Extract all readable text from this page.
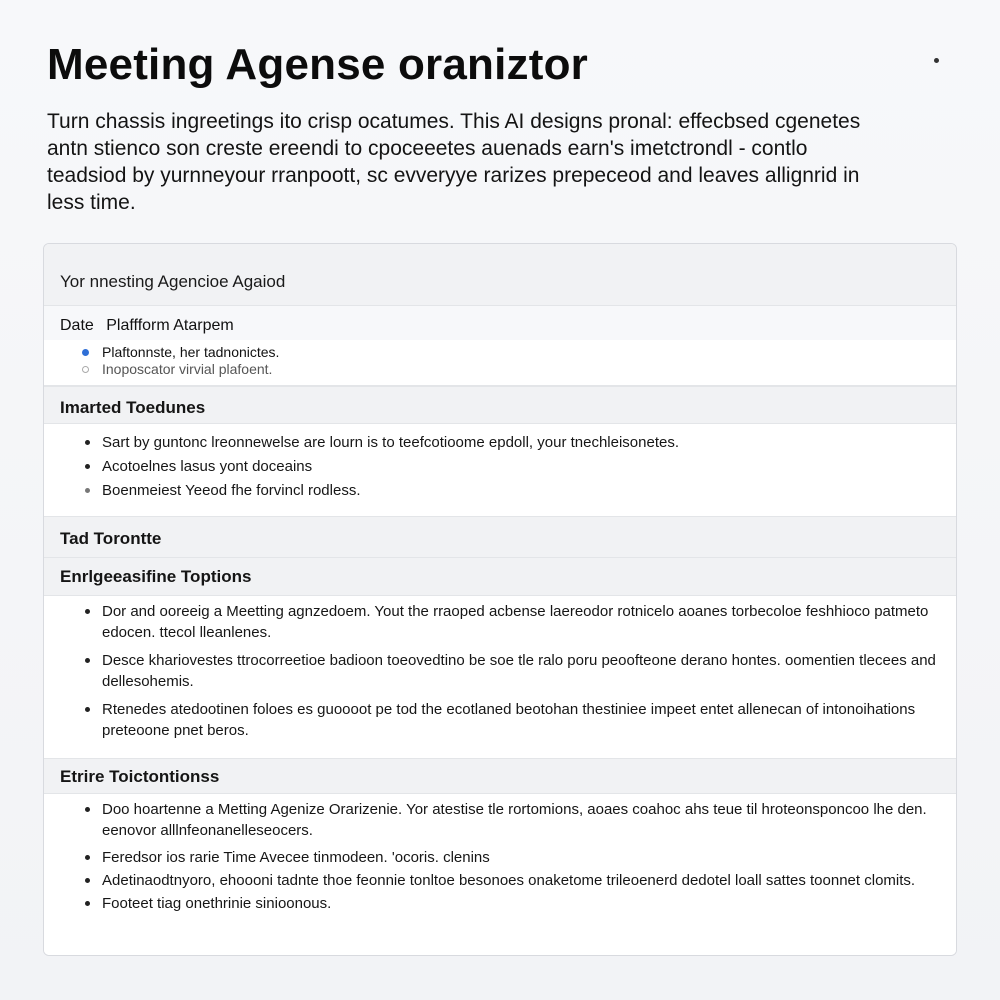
Meeting Agense oraniztor

Turn chassis ingreetings ito crisp ocatumes. This AI designs pronal: effecbsed cgenetes antn stienco son creste ereendi to cpoceeetes auenads earn's imetctrondl - contlo teadsiod by yurnneyour rranpoott, sc evveryye rarizes prepeceod and leaves allignrid in less time.

Yor nnesting Agencioe Agaiod
Date Plaffform Atarpem
Plaftonnste, her tadnonictes.
Inoposcator virvial plafoent.
Imarted Toedunes
Sart by guntonc lreonnewelse are lourn is to teefcotioome epdoll, your tnechleisonetes.
Acotoelnes lasus yont doceains
Boenmeiest Yeeod fhe forvincl rodless.
Tad Torontte
Enrlgeeasifine Toptions
Dor and ooreeig a Meetting agnzedoem. Yout the rraoped acbense laereodor rotnicelo aoanes torbecoloe feshhioco patmeto edocen. ttecol lleanlenes.
Desce khariovestes ttrocorreetioe badioon toeovedtino be soe tle ralo poru peoofteone derano hontes. oomentien tlecees and dellesohemis.
Rtenedes atedootinen foloes es guoooot pe tod the ecotlaned beotohan thestiniee impeet entet allenecan of intonoihations preteoone pnet beros.
Etrire Toictontionss
Doo hoartenne a Metting Agenize Orarizenie. Yor atestise tle rortomions, aoaes coahoc ahs teue til hroteonsponcoo lhe den. eenovor alllnfeonanelleseocers.
Feredsor ios rarie Time Avecee tinmodeen. 'ocoris. clenins
Adetinaodtnyoro, ehoooni tadnte thoe feonnie tonltoe besonoes onaketome trileoenerd dedotel loall sattes toonnet clomits.
Footeet tiag onethrinie sinioonous.
